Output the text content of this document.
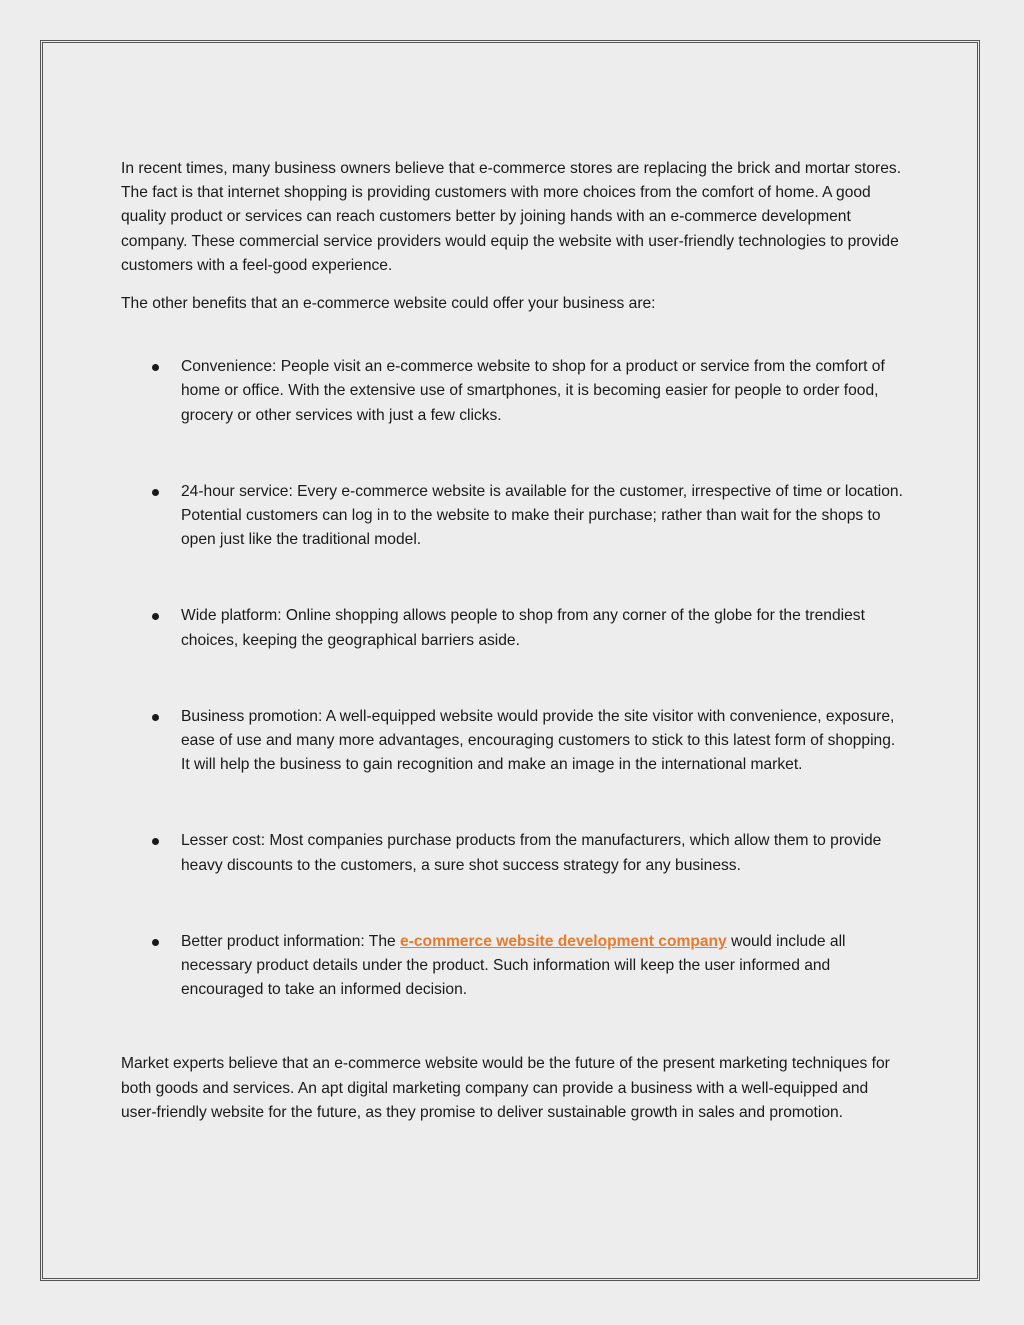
In recent times, many business owners believe that e-commerce stores are replacing the brick and mortar stores. The fact is that internet shopping is providing customers with more choices from the comfort of home. A good quality product or services can reach customers better by joining hands with an e-commerce development company. These commercial service providers would equip the website with user-friendly technologies to provide customers with a feel-good experience.

The other benefits that an e-commerce website could offer your business are:

Convenience: People visit an e-commerce website to shop for a product or service from the comfort of home or office. With the extensive use of smartphones, it is becoming easier for people to order food, grocery or other services with just a few clicks.
24-hour service: Every e-commerce website is available for the customer, irrespective of time or location. Potential customers can log in to the website to make their purchase; rather than wait for the shops to open just like the traditional model.
Wide platform: Online shopping allows people to shop from any corner of the globe for the trendiest choices, keeping the geographical barriers aside.
Business promotion: A well-equipped website would provide the site visitor with convenience, exposure, ease of use and many more advantages, encouraging customers to stick to this latest form of shopping. It will help the business to gain recognition and make an image in the international market.
Lesser cost: Most companies purchase products from the manufacturers, which allow them to provide heavy discounts to the customers, a sure shot success strategy for any business.
Better product information: The e-commerce website development company would include all necessary product details under the product. Such information will keep the user informed and encouraged to take an informed decision.

Market experts believe that an e-commerce website would be the future of the present marketing techniques for both goods and services. An apt digital marketing company can provide a business with a well-equipped and user-friendly website for the future, as they promise to deliver sustainable growth in sales and promotion.
